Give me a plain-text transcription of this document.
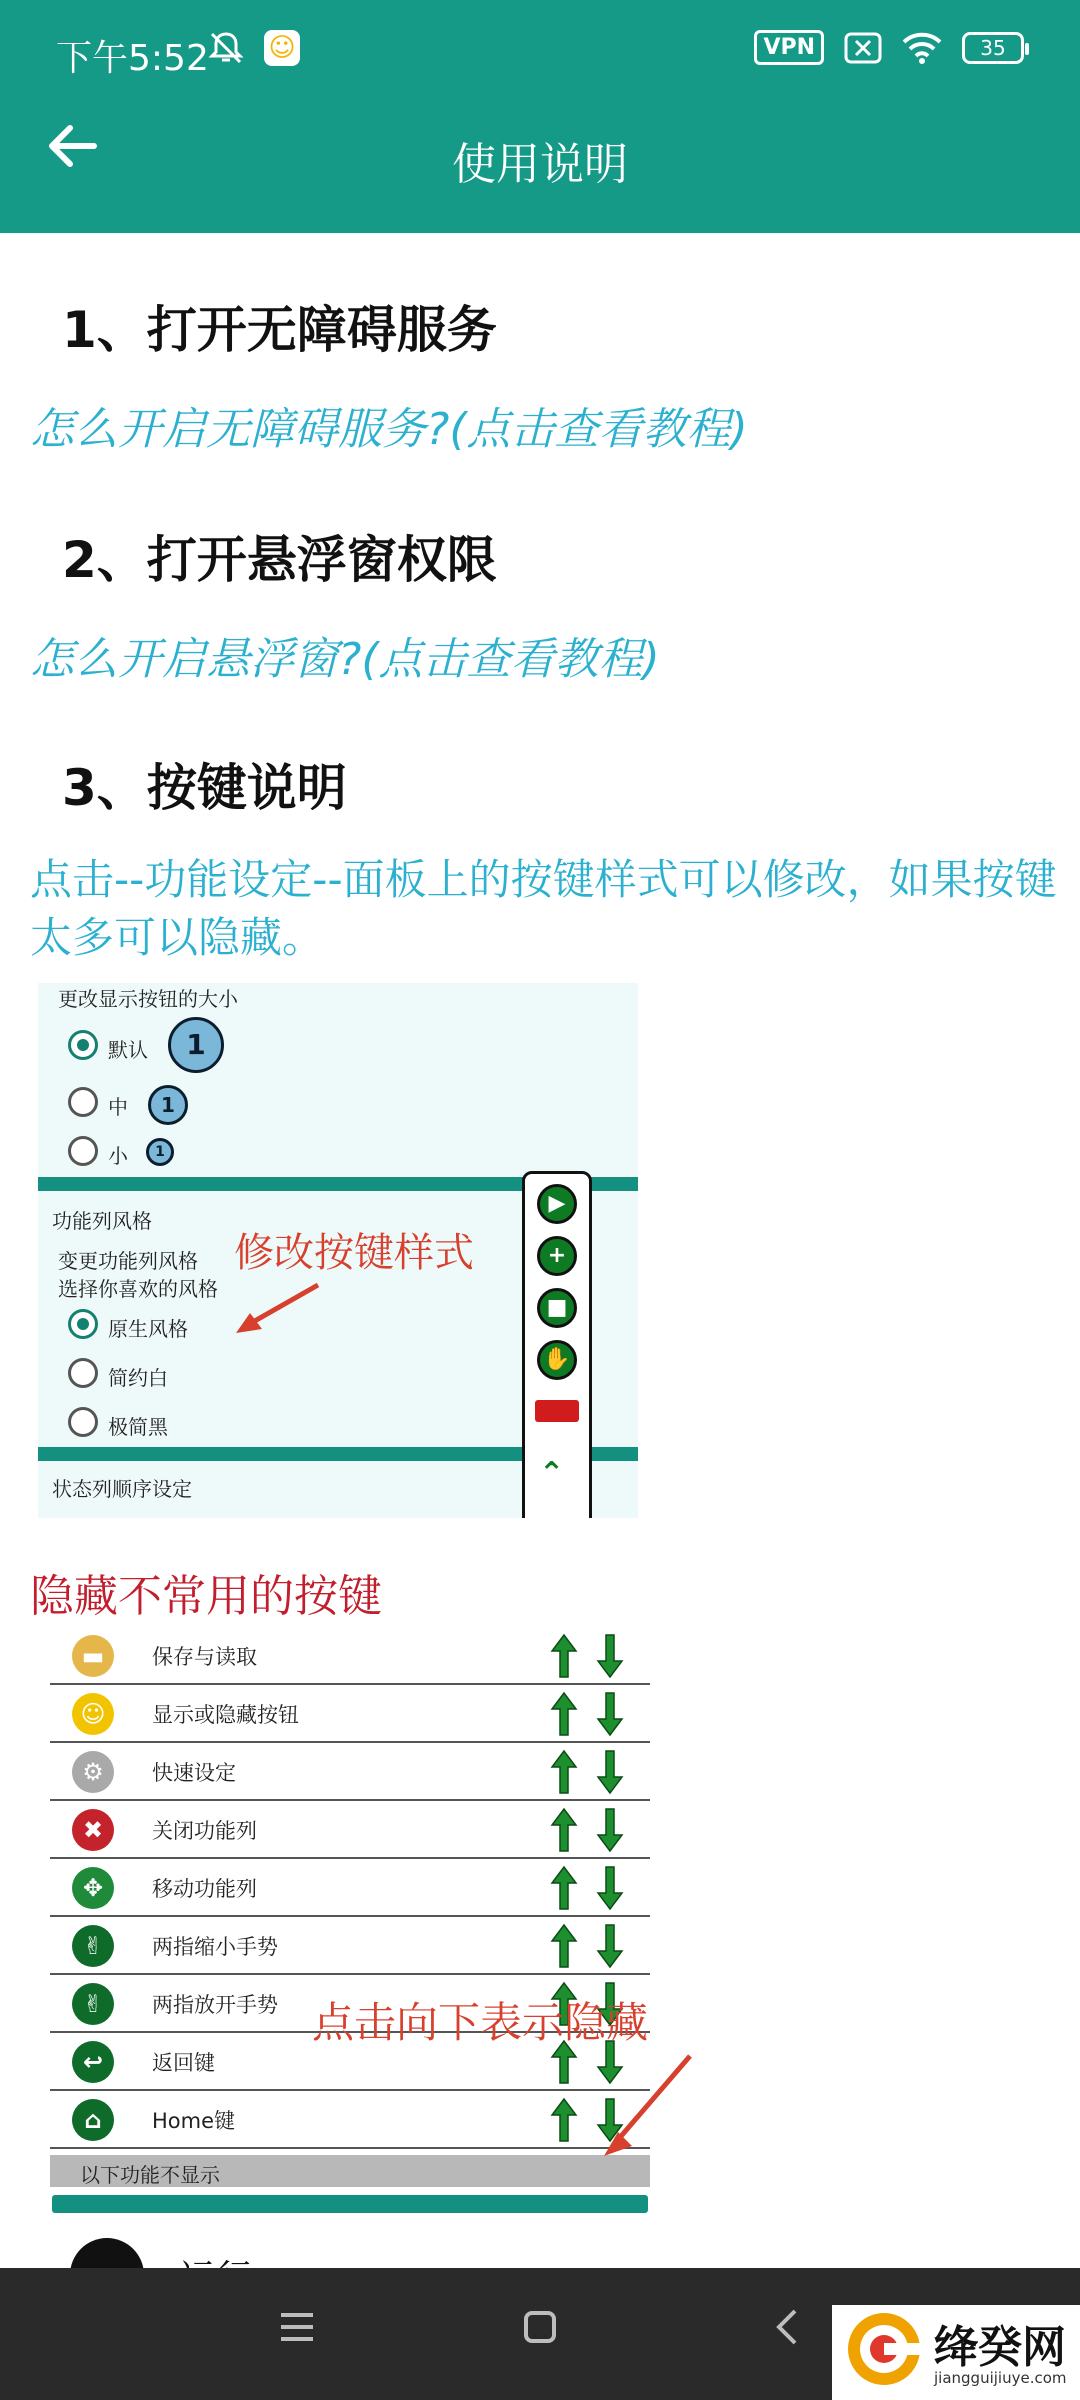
下午5:52 ☺	VPN	35
使用说明
1、打开无障碍服务
怎么开启无障碍服务?(点击查看教程)
2、打开悬浮窗权限
怎么开启悬浮窗?(点击查看教程)
3、按键说明
点击--功能设定--面板上的按键样式可以修改，如果按键太多可以隐藏。
更改显示按钮的大小
默认	1
中	1
小	1
功能列风格
变更功能列风格
选择你喜欢的风格
原生风格
简约白
极简黑
状态列顺序设定
▶
+
■
✋
⌃
修改按键样式
隐藏不常用的按键
▬	保存与读取
☺	显示或隐藏按钮
⚙	快速设定
✖	关闭功能列
✥	移动功能列
✌	两指缩小手势
✌	两指放开手势
↩	返回键
⌂	Home键
以下功能不显示
点击向下表示隐藏
绛癸网
jiangguijiuye.com
